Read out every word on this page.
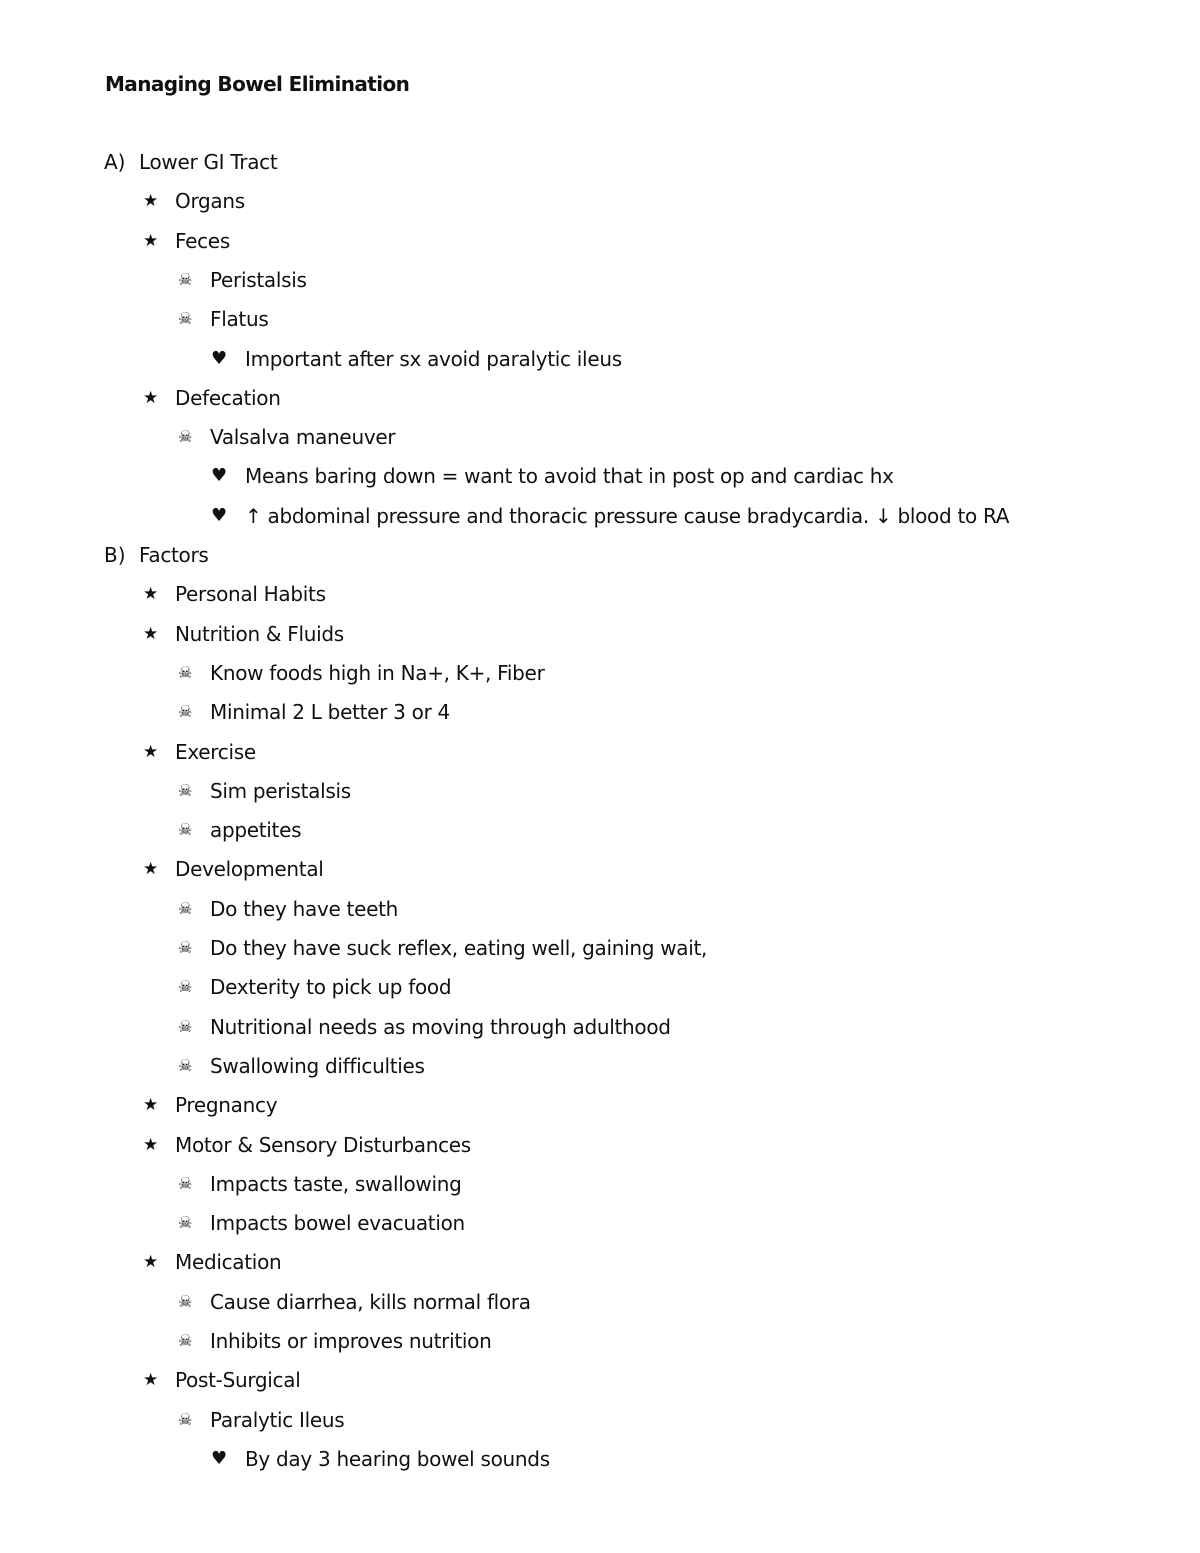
Managing Bowel Elimination
A) Lower GI Tract
★ Organs
★ Feces
☠ Peristalsis
☠ Flatus
♥ Important after sx avoid paralytic ileus
★ Defecation
☠ Valsalva maneuver
♥ Means baring down = want to avoid that in post op and cardiac hx
♥ ↑ abdominal pressure and thoracic pressure cause bradycardia. ↓ blood to RA
B) Factors
★ Personal Habits
★ Nutrition & Fluids
☠ Know foods high in Na+, K+, Fiber
☠ Minimal 2 L better 3 or 4
★ Exercise
☠ Sim peristalsis
☠ appetites
★ Developmental
☠ Do they have teeth
☠ Do they have suck reflex, eating well, gaining wait,
☠ Dexterity to pick up food
☠ Nutritional needs as moving through adulthood
☠ Swallowing difficulties
★ Pregnancy
★ Motor & Sensory Disturbances
☠ Impacts taste, swallowing
☠ Impacts bowel evacuation
★ Medication
☠ Cause diarrhea, kills normal flora
☠ Inhibits or improves nutrition
★ Post-Surgical
☠ Paralytic Ileus
♥ By day 3 hearing bowel sounds
